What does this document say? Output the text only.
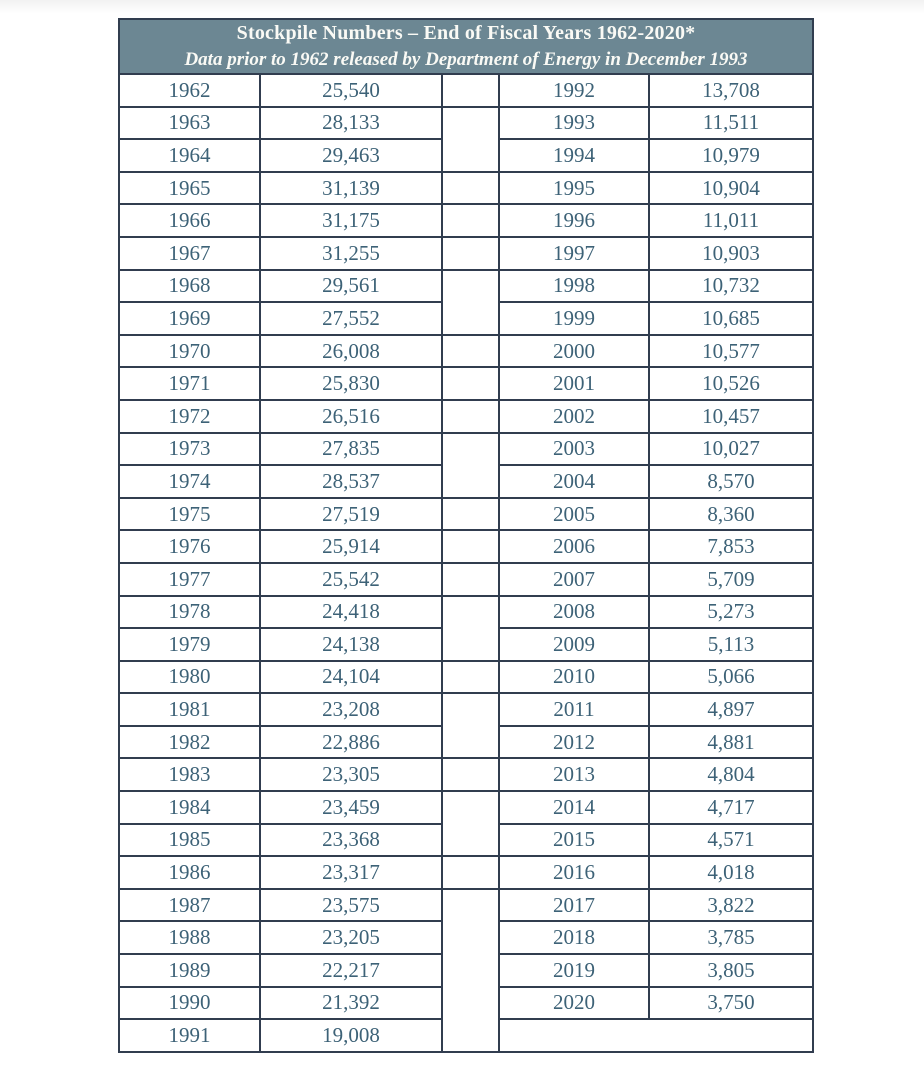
Stockpile Numbers – End of Fiscal Years 1962-2020*
Data prior to 1962 released by Department of Energy in December 1993				

1962	25,540		1992	13,708
1963	28,133		1993	11,511
1964	29,463		1994	10,979
1965	31,139		1995	10,904
1966	31,175		1996	11,011
1967	31,255		1997	10,903
1968	29,561		1998	10,732
1969	27,552		1999	10,685
1970	26,008		2000	10,577
1971	25,830		2001	10,526
1972	26,516		2002	10,457
1973	27,835		2003	10,027
1974	28,537		2004	8,570
1975	27,519		2005	8,360
1976	25,914		2006	7,853
1977	25,542		2007	5,709
1978	24,418		2008	5,273
1979	24,138		2009	5,113
1980	24,104		2010	5,066
1981	23,208		2011	4,897
1982	22,886		2012	4,881
1983	23,305		2013	4,804
1984	23,459		2014	4,717
1985	23,368		2015	4,571
1986	23,317		2016	4,018
1987	23,575		2017	3,822
1988	23,205		2018	3,785
1989	22,217		2019	3,805
1990	21,392		2020	3,750
1991	19,008			
